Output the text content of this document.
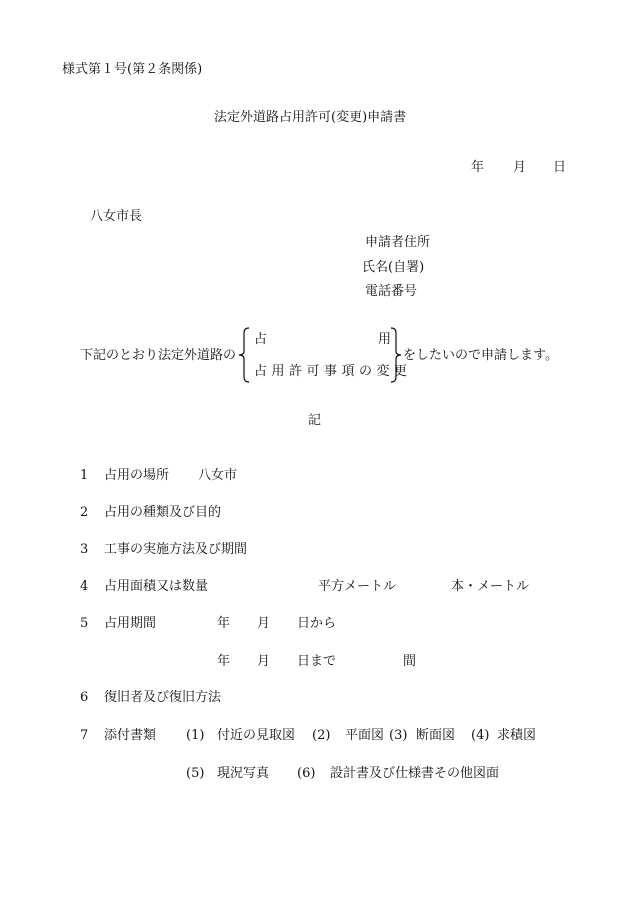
様式第１号(第２条関係)
法定外道路占用許可(変更)申請書
年 月 日
八女市長
申請者住所
氏名(自署)
電話番号
下記のとおり法定外道路の
占	用
占用許可事項の変更
をしたいので申請します。
記
1 占用の場所 八女市
2 占用の種類及び目的
3 工事の実施方法及び期間
4 占用面積又は数量	平方メートル	本・メートル
5 占用期間	年 月 日から
年 月 日まで	間
6 復旧者及び復旧方法
7 添付書類 (1) 付近の見取図 (2) 平面図 (3) 断面図 (4) 求積図
(5) 現況写真 (6) 設計書及び仕様書その他図面
